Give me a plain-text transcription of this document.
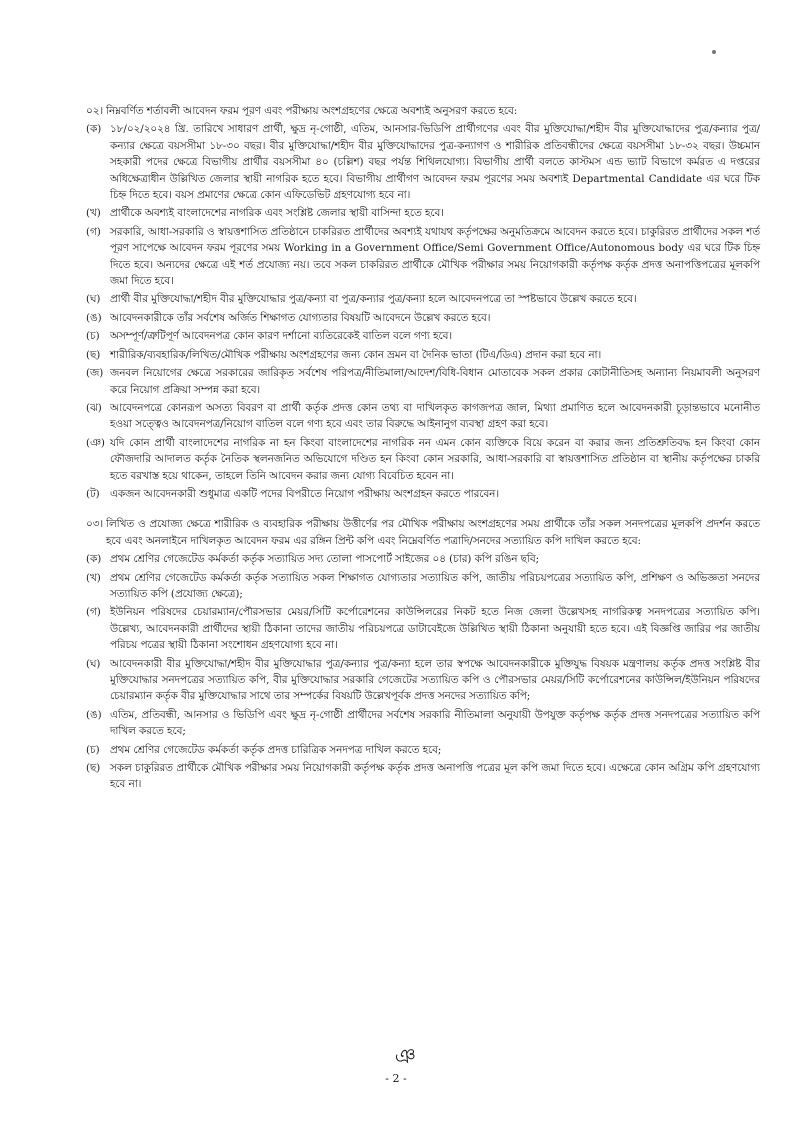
০২। নিম্নবর্ণিত শর্তাবলী আবেদন ফরম পূরণ এবং পরীক্ষায় অংশগ্রহণের ক্ষেত্রে অবশ্যই অনুসরণ করতে হবে:
(ক) ১৮/০২/২০২৪ খ্রি. তারিখে সাধারণ প্রার্থী, ক্ষুদ্র নৃ-গোষ্ঠী, এতিম, আনসার-ভিডিপি প্রার্থীগণের এবং বীর মুক্তিযোদ্ধা/শহীদ বীর মুক্তিযোদ্ধাদের পুত্র/কন্যার পুত্র/কন্যার ক্ষেত্রে বয়সসীমা ১৮-৩০ বছর। বীর মুক্তিযোদ্ধা/শহীদ বীর মুক্তিযোদ্ধাদের পুত্র-কন্যাগণ ও শারীরিক প্রতিবন্ধীদের ক্ষেত্রে বয়সসীমা ১৮-৩২ বছর। উচ্চমান সহকারী পদের ক্ষেত্রে বিভাগীয় প্রার্থীর বয়সসীমা ৪০ (চল্লিশ) বছর পর্যন্ত শিথিলযোগ্য। বিভাগীয় প্রার্থী বলতে কাস্টমস এন্ড ভ্যাট বিভাগে কর্মরত এ দপ্তরের অধিক্ষেত্রাধীন উল্লিখিত জেলার স্থায়ী নাগরিক হতে হবে। বিভাগীয় প্রার্থীগণ আবেদন ফরম পূরণের সময় অবশ্যই Departmental Candidate এর ঘরে টিক চিহ্ন দিতে হবে। বয়স প্রমাণের ক্ষেত্রে কোন এফিডেভিট গ্রহণযোগ্য হবে না।
(খ) প্রার্থীকে অবশ্যই বাংলাদেশের নাগরিক এবং সংশ্লিষ্ট জেলার স্থায়ী বাসিন্দা হতে হবে।
(গ) সরকারি, আধা-সরকারি ও স্বায়ত্তশাসিত প্রতিষ্ঠানে চাকরিরত প্রার্থীদের অবশ্যই যথাযথ কর্তৃপক্ষের অনুমতিক্রমে আবেদন করতে হবে। চাকুরিরত প্রার্থীদের সকল শর্ত পূরণ সাপেক্ষে আবেদন ফরম পূরণের সময় Working in a Government Office/Semi Government Office/Autonomous body এর ঘরে টিক চিহ্ন দিতে হবে। অন্যদের ক্ষেত্রে এই শর্ত প্রযোজ্য নয়। তবে সকল চাকরিরত প্রার্থীকে মৌখিক পরীক্ষার সময় নিয়োগকারী কর্তৃপক্ষ কর্তৃক প্রদত্ত অনাপত্তিপত্রের মূলকপি জমা দিতে হবে।
(ঘ) প্রার্থী বীর মুক্তিযোদ্ধা/শহীদ বীর মুক্তিযোদ্ধার পুত্র/কন্যা বা পুত্র/কন্যার পুত্র/কন্যা হলে আবেদনপত্রে তা স্পষ্টভাবে উল্লেখ করতে হবে।
(ঙ) আবেদনকারীকে তাঁর সর্বশেষ অর্জিত শিক্ষাগত যোগ্যতার বিষয়টি আবেদনে উল্লেখ করতে হবে।
(চ)	অসম্পূর্ণ/ত্রুটিপূর্ণ আবেদনপত্র কোন কারণ দর্শানো ব্যতিরেকেই বাতিল বলে গণ্য হবে।
(ছ) শারীরিক/ব্যবহারিক/লিখিত/মৌখিক পরীক্ষায় অংশগ্রহণের জন্য কোন ভ্রমন বা দৈনিক ভাতা (টিএ/ডিএ) প্রদান করা হবে না।
(জ) জনবল নিয়োগের ক্ষেত্রে সরকারের জারিকৃত সর্বশেষ পরিপত্র/নীতিমালা/আদেশ/বিধি-বিধান মোতাবেক সকল প্রকার কোটানীতিসহ অন্যান্য নিয়মাবলী অনুসরণ করে নিয়োগ প্রক্রিয়া সম্পন্ন করা হবে।
(ঝ) আবেদনপত্রে কোনরূপ অসত্য বিবরণ বা প্রার্থী কর্তৃক প্রদত্ত কোন তথ্য বা দাখিলকৃত কাগজপত্র জাল, মিথ্যা প্রমাণিত হলে আবেদনকারী চূড়ান্তভাবে মনোনীত হওয়া সত্ত্বেও আবেদনপত্র/নিয়োগ বাতিল বলে গণ্য হবে এবং তার বিরুদ্ধে আইনানুগ ব্যবস্থা গ্রহণ করা হবে।
(ঞ) যদি কোন প্রার্থী বাংলাদেশের নাগরিক না হন কিংবা বাংলাদেশের নাগরিক নন এমন কোন ব্যক্তিকে বিয়ে করেন বা করার জন্য প্রতিশ্রুতিবদ্ধ হন কিংবা কোন ফৌজদারি আদালত কর্তৃক নৈতিক স্থলনজনিত অভিযোগে দণ্ডিত হন কিংবা কোন সরকারি, আধা-সরকারি বা স্বায়ত্তশাসিত প্রতিষ্ঠান বা স্থানীয় কর্তৃপক্ষের চাকরি হতে বরখাস্ত হয়ে থাকেন, তাহলে তিনি আবেদন করার জন্য যোগ্য বিবেচিত হবেন না।
(ট)	একজন আবেদনকারী শুধুমাত্র একটি পদের বিপরীতে নিয়োগ পরীক্ষায় অংশগ্রহন করতে পারবেন।
০৩। লিখিত ও প্রযোজ্য ক্ষেত্রে শারীরিক ও ব্যবহারিক পরীক্ষায় উত্তীর্ণের পর মৌখিক পরীক্ষায় অংশগ্রহণের সময় প্রার্থীকে তাঁর সকল সনদপত্রের মূলকপি প্রদর্শন করতে হবে এবং অনলাইনে দাখিলকৃত আবেদন ফরম এর রঙ্গিন প্রিন্ট কপি এবং নিম্নেবর্ণিত পত্রাদি/সনদের সত্যায়িত কপি দাখিল করতে হবে:
(ক) প্রথম শ্রেণির গেজেটেড কর্মকর্তা কর্তৃক সত্যায়িত সদ্য তোলা পাসপোর্ট সাইজের ০৪ (চার) কপি রঙিন ছবি;
(খ) প্রথম শ্রেণির গেজেটেড কর্মকর্তা কর্তৃক সত্যায়িত সকল শিক্ষাগত যোগ্যতার সত্যায়িত কপি, জাতীয় পরিচয়পত্রের সত্যায়িত কপি, প্রশিক্ষণ ও অভিজ্ঞতা সনদের সত্যায়িত কপি (প্রযোজ্য ক্ষেত্রে);
(গ) ইউনিয়ন পরিষদের চেয়ারম্যান/পৌরসভার মেয়র/সিটি কর্পোরেশনের কাউন্সিলরের নিকট হতে নিজ জেলা উল্লেখসহ নাগরিকত্ব সনদপত্রের সত্যায়িত কপি। উল্লেখ্য, আবেদনকারী প্রার্থীদের স্থায়ী ঠিকানা তাদের জাতীয় পরিচয়পত্রে ডাটাবেইজে উল্লিখিত স্থায়ী ঠিকানা অনুযায়ী হতে হবে। এই বিজ্ঞপ্তি জারির পর জাতীয় পরিচয় পত্রের স্থায়ী ঠিকানা সংশোধন গ্রহণযোগ্য হবে না।
(ঘ) আবেদনকারী বীর মুক্তিযোদ্ধা/শহীদ বীর মুক্তিযোদ্ধার পুত্র/কন্যার পুত্র/কন্যা হলে তার স্বপক্ষে আবেদনকারীকে মুক্তিযুদ্ধ বিষয়ক মন্ত্রণালয় কর্তৃক প্রদত্ত সংশ্লিষ্ট বীর মুক্তিযোদ্ধার সনদপত্রের সত্যায়িত কপি, বীর মুক্তিযোদ্ধার সরকারি গেজেটের সত্যায়িত কপি ও পৌরসভার মেয়র/সিটি কর্পোরেশনের কাউন্সিল/ইউনিয়ন পরিষদের চেয়ারম্যান কর্তৃক বীর মুক্তিযোদ্ধার সাথে তার সম্পর্কের বিষয়টি উল্লেখপূর্বক প্রদত্ত সনদের সত্যায়িত কপি;
(ঙ) এতিম, প্রতিবন্ধী, আনসার ও ভিডিপি এবং ক্ষুদ্র নৃ-গোষ্ঠী প্রার্থীদের সর্বশেষ সরকারি নীতিমালা অনুযায়ী উপযুক্ত কর্তৃপক্ষ কর্তৃক প্রদত্ত সনদপত্রের সত্যায়িত কপি দাখিল করতে হবে;
(চ)	প্রথম শ্রেণির গেজেটেড কর্মকর্তা কর্তৃক প্রদত্ত চারিত্রিক সনদপত্র দাখিল করতে হবে;
(ছ) সকল চাকুরিরত প্রার্থীকে মৌখিক পরীক্ষার সময় নিয়োগকারী কর্তৃপক্ষ কর্তৃক প্রদত্ত অনাপত্তি পত্রের মূল কপি জমা দিতে হবে। এক্ষেত্রে কোন অগ্রিম কপি গ্রহণযোগ্য হবে না।
ঞ
- 2 -
